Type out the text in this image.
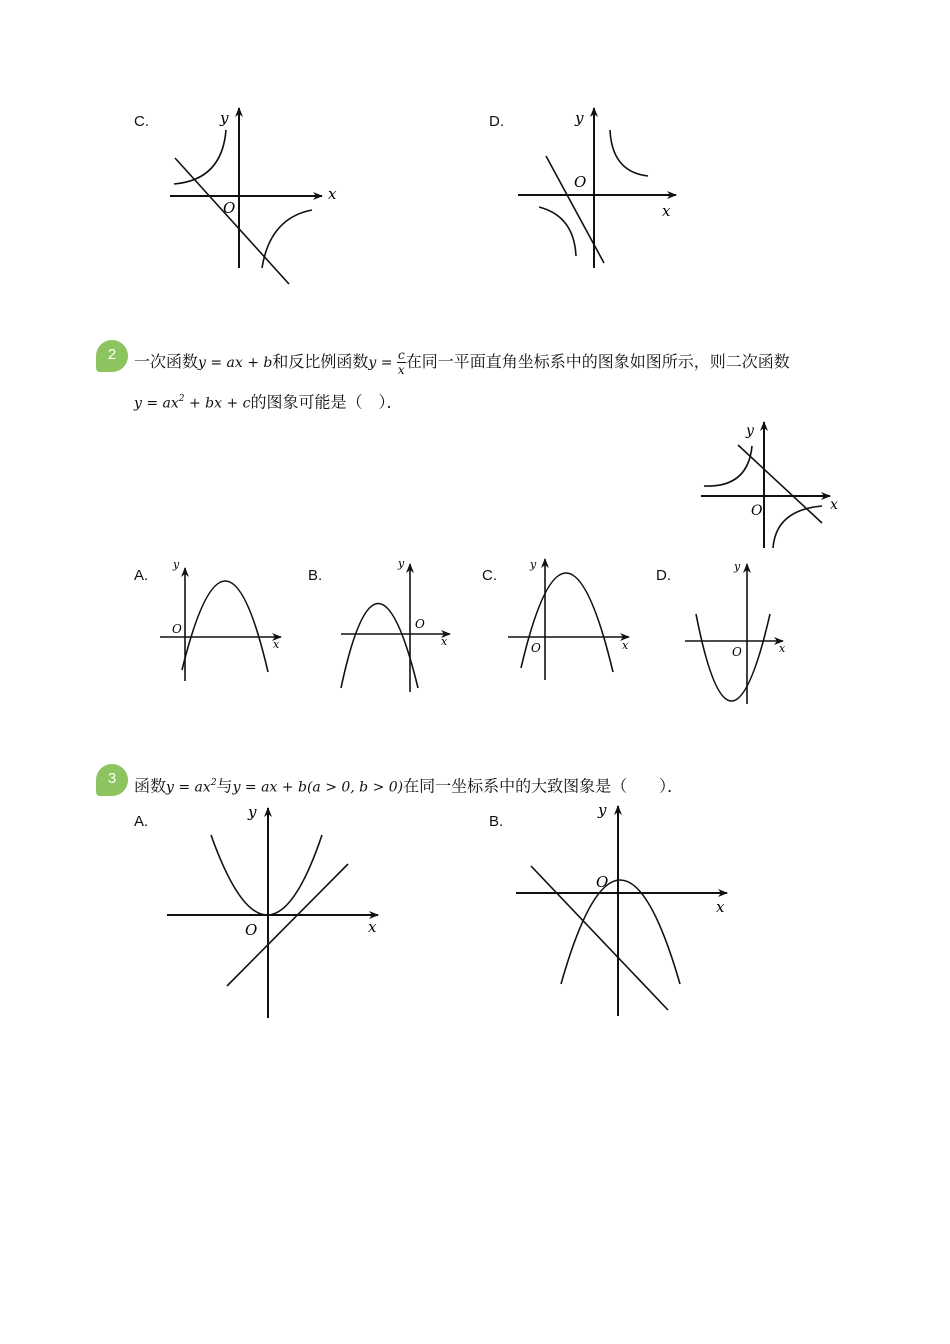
C.	y
x
O
D.	y
x
O
2	一次函数y = ax + b和反比例函数$y = \frac{c}{x}$ 在同一平面直角坐标系中的图象如图所示，则二次函数
$y = ax^2$ + bx + c的图象可能是（　）．
y
x
O
A.	B.	C.	D.
y
x
O
y
x
O
y
x
O
y
x
O
3	函数$y = ax^2$与y = ax + b(a > 0, b > 0)在同一坐标系中的大致图象是（　　）．
A.	B.
y
x
O
y
x
O
